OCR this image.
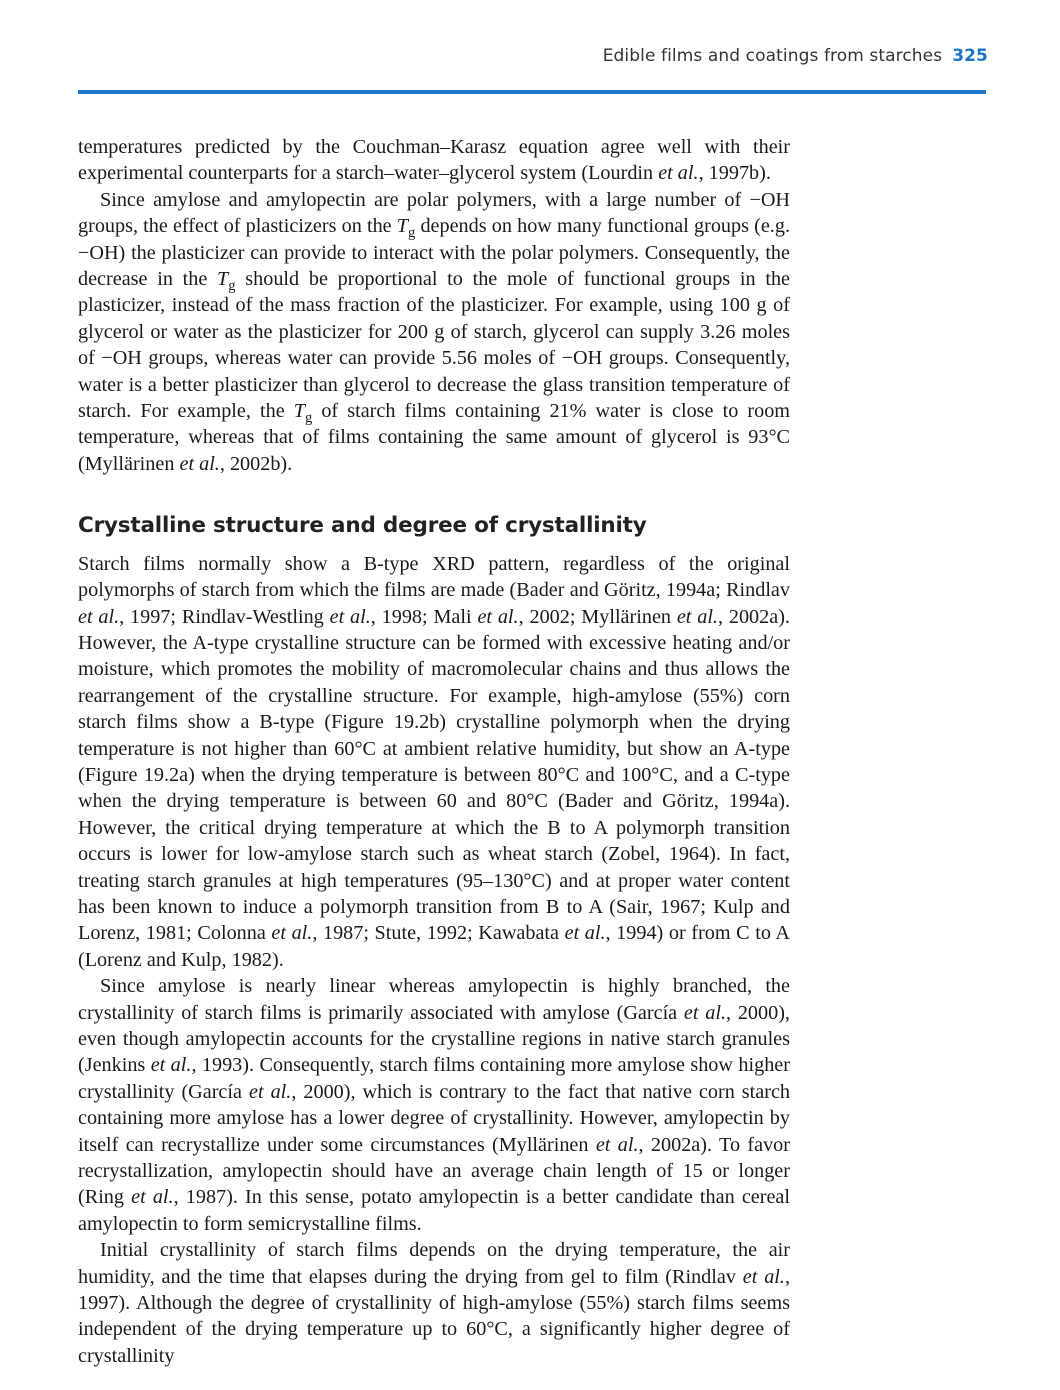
Edible films and coatings from starches 325

temperatures predicted by the Couchman–Karasz equation agree well with their experimental counterparts for a starch–water–glycerol system (Lourdin et al., 1997b).

Since amylose and amylopectin are polar polymers, with a large number of −OH groups, the effect of plasticizers on the $T_g$ depends on how many functional groups (e.g. −OH) the plasticizer can provide to interact with the polar polymers. Consequently, the decrease in the $T_g$ should be proportional to the mole of functional groups in the plasticizer, instead of the mass fraction of the plasticizer. For example, using 100 g of glycerol or water as the plasticizer for 200 g of starch, glycerol can supply 3.26 moles of −OH groups, whereas water can provide 5.56 moles of −OH groups. Consequently, water is a better plasticizer than glycerol to decrease the glass transition temperature of starch. For example, the $T_g$ of starch films containing 21% water is close to room temperature, whereas that of films containing the same amount of glycerol is 93°C (Myllärinen et al., 2002b).

Crystalline structure and degree of crystallinity

Starch films normally show a B-type XRD pattern, regardless of the original polymorphs of starch from which the films are made (Bader and Göritz, 1994a; Rindlav et al., 1997; Rindlav-Westling et al., 1998; Mali et al., 2002; Myllärinen et al., 2002a). However, the A-type crystalline structure can be formed with excessive heating and/or moisture, which promotes the mobility of macromolecular chains and thus allows the rearrangement of the crystalline structure. For example, high-amylose (55%) corn starch films show a B-type (Figure 19.2b) crystalline polymorph when the drying temperature is not higher than 60°C at ambient relative humidity, but show an A-type (Figure 19.2a) when the drying temperature is between 80°C and 100°C, and a C-type when the drying temperature is between 60 and 80°C (Bader and Göritz, 1994a). However, the critical drying temperature at which the B to A polymorph transition occurs is lower for low-amylose starch such as wheat starch (Zobel, 1964). In fact, treating starch granules at high temperatures (95–130°C) and at proper water content has been known to induce a polymorph transition from B to A (Sair, 1967; Kulp and Lorenz, 1981; Colonna et al., 1987; Stute, 1992; Kawabata et al., 1994) or from C to A (Lorenz and Kulp, 1982).

Since amylose is nearly linear whereas amylopectin is highly branched, the crystallinity of starch films is primarily associated with amylose (García et al., 2000), even though amylopectin accounts for the crystalline regions in native starch granules (Jenkins et al., 1993). Consequently, starch films containing more amylose show higher crystallinity (García et al., 2000), which is contrary to the fact that native corn starch containing more amylose has a lower degree of crystallinity. However, amylopectin by itself can recrystallize under some circumstances (Myllärinen et al., 2002a). To favor recrystallization, amylopectin should have an average chain length of 15 or longer (Ring et al., 1987). In this sense, potato amylopectin is a better candidate than cereal amylopectin to form semicrystalline films.

Initial crystallinity of starch films depends on the drying temperature, the air humidity, and the time that elapses during the drying from gel to film (Rindlav et al., 1997). Although the degree of crystallinity of high-amylose (55%) starch films seems independent of the drying temperature up to 60°C, a significantly higher degree of crystallinity
